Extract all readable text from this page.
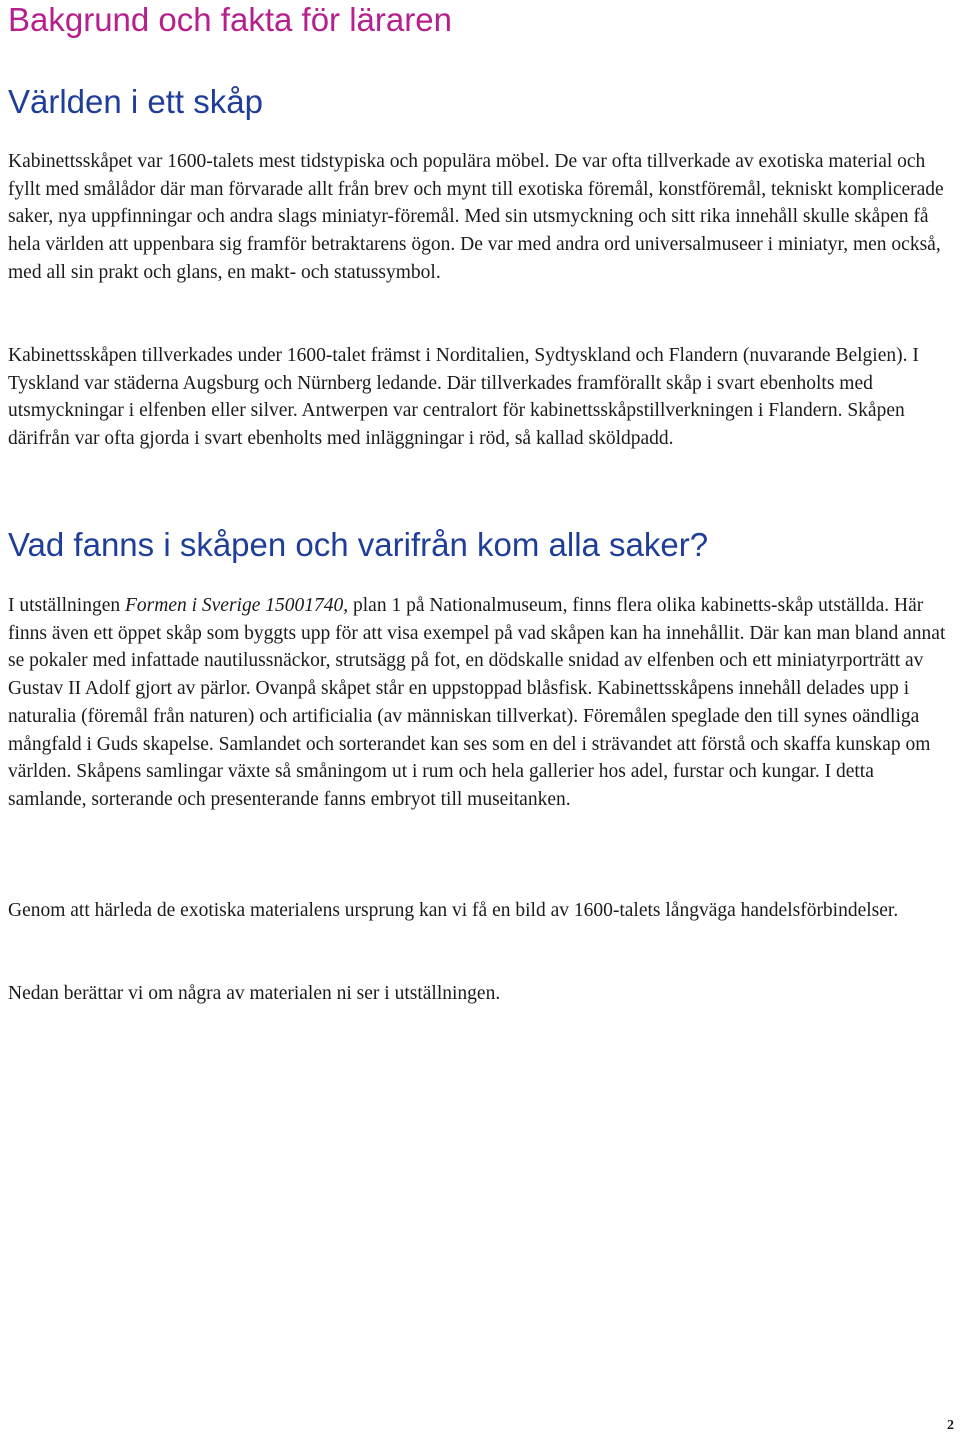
Bakgrund och fakta för läraren
Världen i ett skåp

Kabinettsskåpet var 1600-talets mest tidstypiska och populära möbel. De var ofta tillverkade av exotiska material och fyllt med smålådor där man förvarade allt från brev och mynt till exotiska föremål, konstföremål, tekniskt komplicerade saker, nya uppfinningar och andra slags miniatyr-föremål. Med sin utsmyckning och sitt rika innehåll skulle skåpen få hela världen att uppenbara sig framför betraktarens ögon. De var med andra ord universalmuseer i miniatyr, men också, med all sin prakt och glans, en makt- och statussymbol.

Kabinettsskåpen tillverkades under 1600-talet främst i Norditalien, Sydtyskland och Flandern (nuvarande Belgien). I Tyskland var städerna Augsburg och Nürnberg ledande. Där tillverkades framförallt skåp i svart ebenholts med utsmyckningar i elfenben eller silver. Antwerpen var centralort för kabinettsskåpstillverkningen i Flandern. Skåpen därifrån var ofta gjorda i svart ebenholts med inläggningar i röd, så kallad sköldpadd.

Vad fanns i skåpen och varifrån kom alla saker?

I utställningen Formen i Sverige 15001740, plan 1 på Nationalmuseum, finns flera olika kabinetts-skåp utställda. Här finns även ett öppet skåp som byggts upp för att visa exempel på vad skåpen kan ha innehållit. Där kan man bland annat se pokaler med infattade nautilussnäckor, strutsägg på fot, en dödskalle snidad av elfenben och ett miniatyrporträtt av Gustav II Adolf gjort av pärlor. Ovanpå skåpet står en uppstoppad blåsfisk. Kabinettsskåpens innehåll delades upp i naturalia (föremål från naturen) och artificialia (av människan tillverkat). Föremålen speglade den till synes oändliga mångfald i Guds skapelse. Samlandet och sorterandet kan ses som en del i strävandet att förstå och skaffa kunskap om världen. Skåpens samlingar växte så småningom ut i rum och hela gallerier hos adel, furstar och kungar. I detta samlande, sorterande och presenterande fanns embryot till museitanken.

Genom att härleda de exotiska materialens ursprung kan vi få en bild av 1600-talets långväga handelsförbindelser.

Nedan berättar vi om några av materialen ni ser i utställningen.

2
